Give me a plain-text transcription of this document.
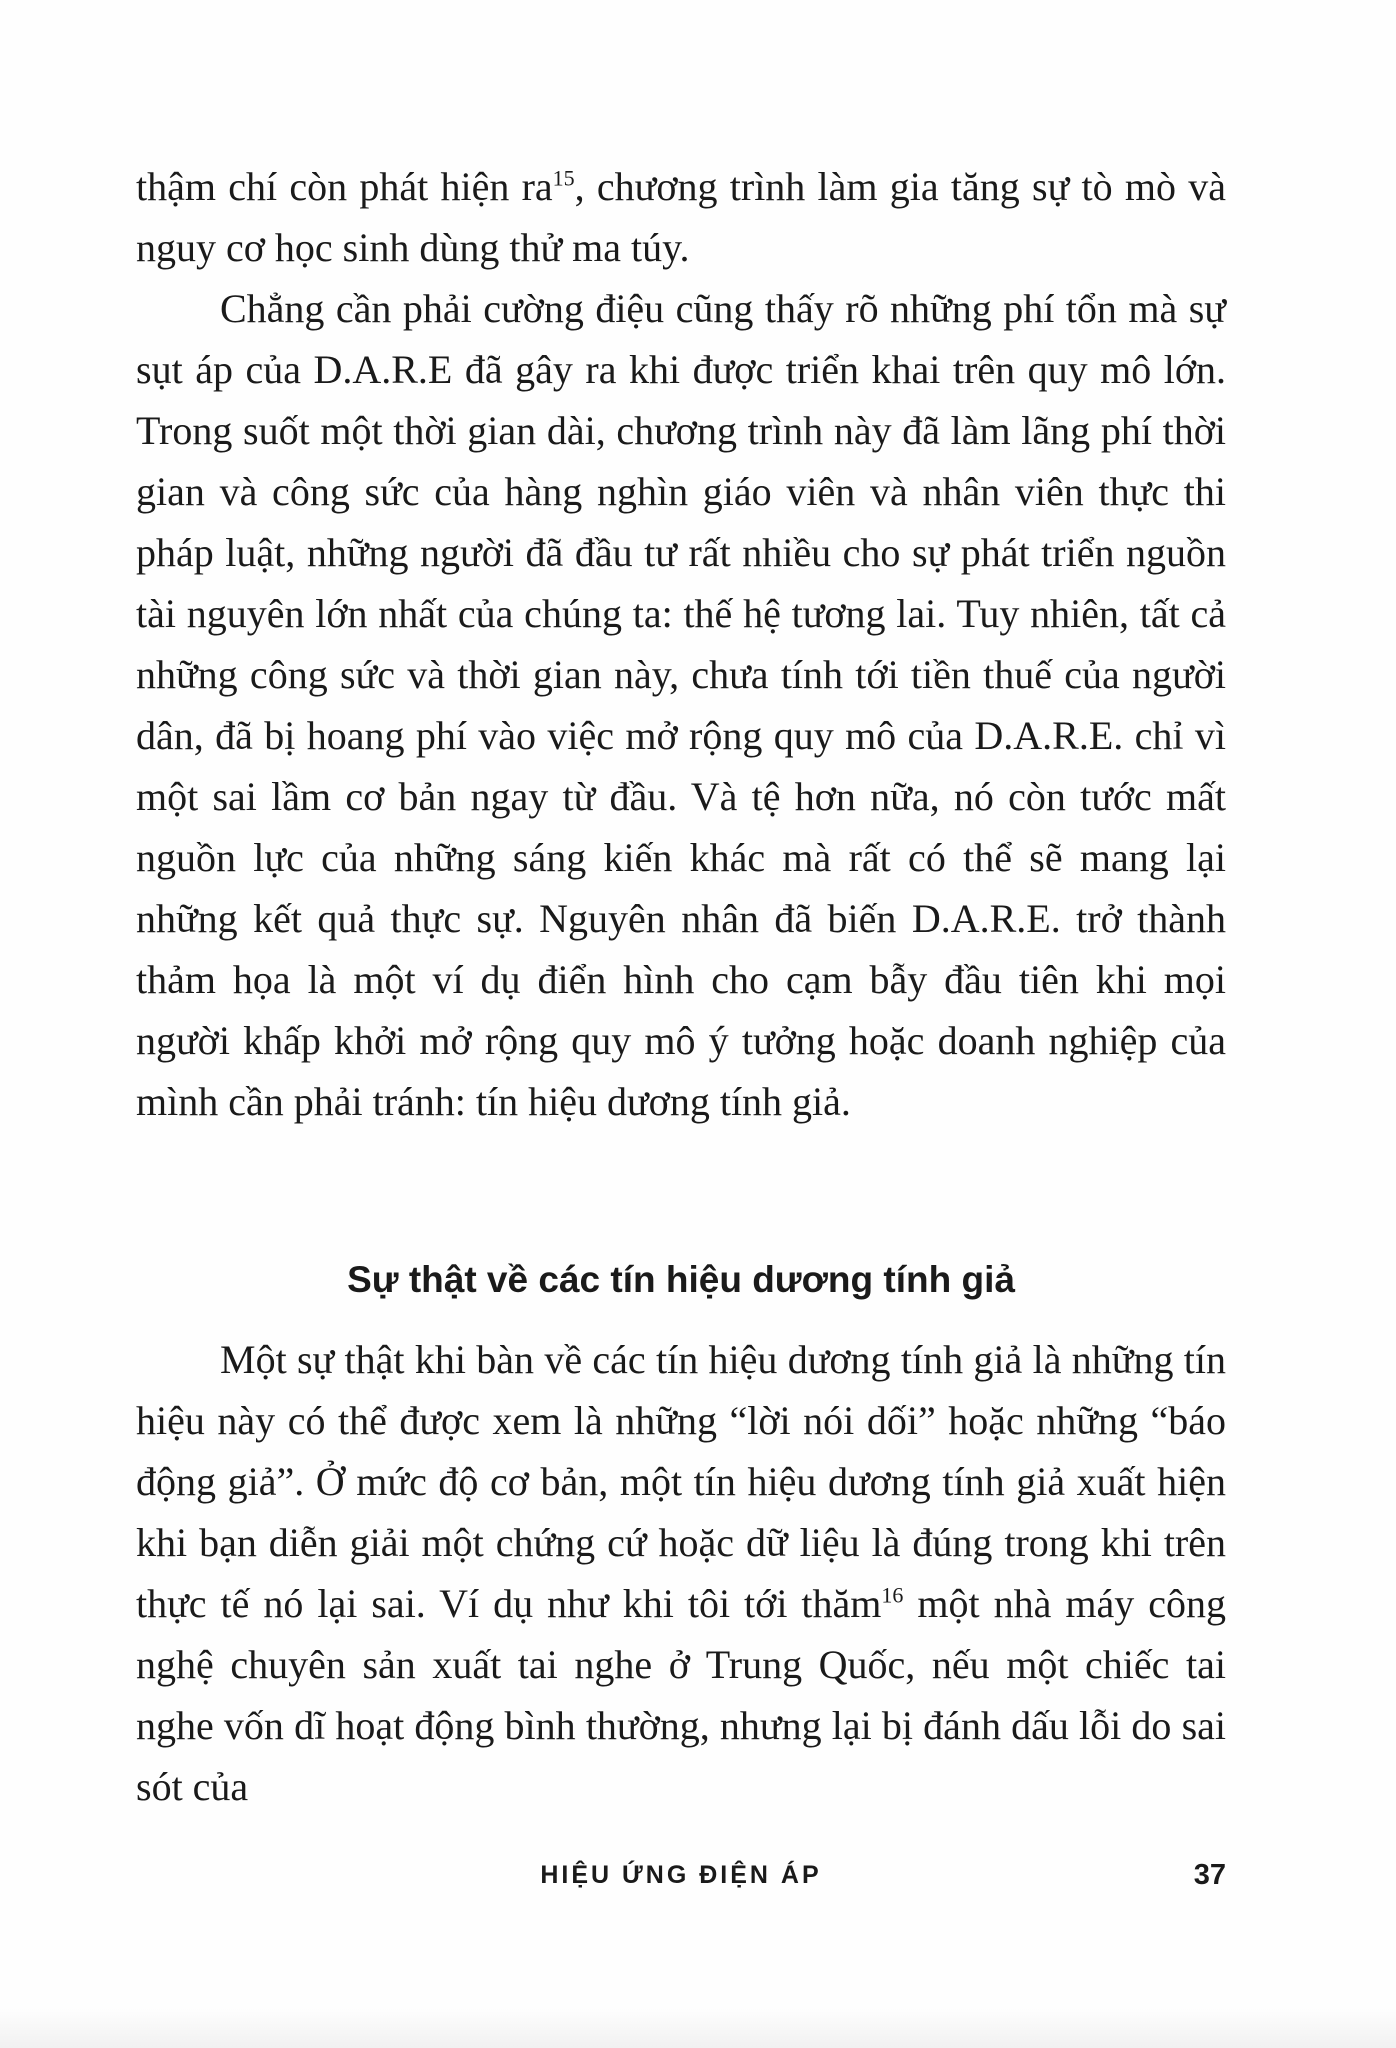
thậm chí còn phát hiện $ra^{15}$, chương trình làm gia tăng sự tò mò và nguy cơ học sinh dùng thử ma túy.

Chẳng cần phải cường điệu cũng thấy rõ những phí tổn mà sự sụt áp của D.A.R.E đã gây ra khi được triển khai trên quy mô lớn. Trong suốt một thời gian dài, chương trình này đã làm lãng phí thời gian và công sức của hàng nghìn giáo viên và nhân viên thực thi pháp luật, những người đã đầu tư rất nhiều cho sự phát triển nguồn tài nguyên lớn nhất của chúng ta: thế hệ tương lai. Tuy nhiên, tất cả những công sức và thời gian này, chưa tính tới tiền thuế của người dân, đã bị hoang phí vào việc mở rộng quy mô của D.A.R.E. chỉ vì một sai lầm cơ bản ngay từ đầu. Và tệ hơn nữa, nó còn tước mất nguồn lực của những sáng kiến khác mà rất có thể sẽ mang lại những kết quả thực sự. Nguyên nhân đã biến D.A.R.E. trở thành thảm họa là một ví dụ điển hình cho cạm bẫy đầu tiên khi mọi người khấp khởi mở rộng quy mô ý tưởng hoặc doanh nghiệp của mình cần phải tránh: tín hiệu dương tính giả.

Sự thật về các tín hiệu dương tính giả

Một sự thật khi bàn về các tín hiệu dương tính giả là những tín hiệu này có thể được xem là những “lời nói dối” hoặc những “báo động giả”. Ở mức độ cơ bản, một tín hiệu dương tính giả xuất hiện khi bạn diễn giải một chứng cứ hoặc dữ liệu là đúng trong khi trên thực tế nó lại sai. Ví dụ như khi tôi tới thăm$^{16}$ một nhà máy công nghệ chuyên sản xuất tai nghe ở Trung Quốc, nếu một chiếc tai nghe vốn dĩ hoạt động bình thường, nhưng lại bị đánh dấu lỗi do sai sót của

HIỆU ỨNG ĐIỆN ÁP	37
